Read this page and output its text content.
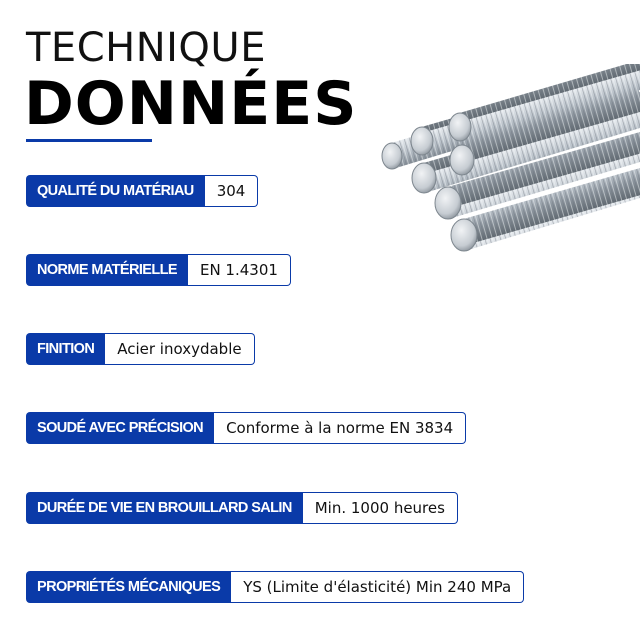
TECHNIQUE
DONNÉES
QUALITÉ DU MATÉRIAU	304
NORME MATÉRIELLE	EN 1.4301
FINITION	Acier inoxydable
SOUDÉ AVEC PRÉCISION	Conforme à la norme EN 3834
DURÉE DE VIE EN BROUILLARD SALIN	Min. 1000 heures
PROPRIÉTÉS MÉCANIQUES	YS (Limite d'élasticité) Min 240 MPa
